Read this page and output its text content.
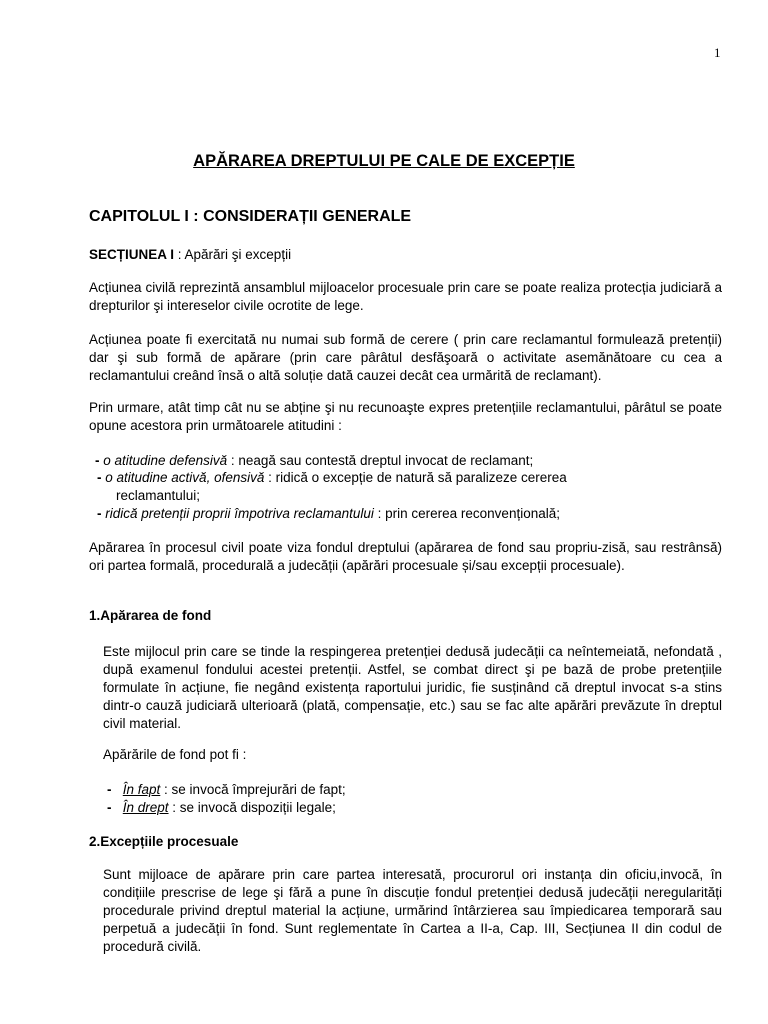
1
APĂRAREA DREPTULUI PE CALE DE EXCEPȚIE
CAPITOLUL I : CONSIDERAȚII GENERALE
SECȚIUNEA I : Apărări şi excepții

Acțiunea civilă reprezintă ansamblul mijloacelor procesuale prin care se poate realiza protecția judiciară a drepturilor şi intereselor civile ocrotite de lege.

Acțiunea poate fi exercitată nu numai sub formă de cerere ( prin care reclamantul formulează pretenții) dar şi sub formă de apărare (prin care pârâtul desfăşoară o activitate asemănătoare cu cea a reclamantului creând însă o altă soluție dată cauzei decât cea urmărită de reclamant).

Prin urmare, atât timp cât nu se abține şi nu recunoaşte expres pretențiile reclamantului, pârâtul se poate opune acestora prin următoarele atitudini :

- o atitudine defensivă : neagă sau contestă dreptul invocat de reclamant;
- o atitudine activă, ofensivă : ridică o excepție de natură să paralizeze cererea
reclamantului;
- ridică pretenții proprii împotriva reclamantului : prin cererea reconvențională;

Apărarea în procesul civil poate viza fondul dreptului (apărarea de fond sau propriu-zisă, sau restrânsă) ori partea formală, procedurală a judecății (apărări procesuale și/sau excepții procesuale).

1.Apărarea de fond

Este mijlocul prin care se tinde la respingerea pretenției dedusă judecății ca neîntemeiată, nefondată , după examenul fondului acestei pretenții. Astfel, se combat direct şi pe bază de probe pretențiile formulate în acțiune, fie negând existența raportului juridic, fie susținând că dreptul invocat s-a stins dintr-o cauză judiciară ulterioară (plată, compensație, etc.) sau se fac alte apărări prevăzute în dreptul civil material.

Apărările de fond pot fi :

- În fapt : se invocă împrejurări de fapt;
- În drept : se invocă dispoziții legale;
2.Excepțiile procesuale

Sunt mijloace de apărare prin care partea interesată, procurorul ori instanța din oficiu,invocă, în condițiile prescrise de lege şi fără a pune în discuție fondul pretenției dedusă judecății neregularități procedurale privind dreptul material la acțiune, urmărind întârzierea sau împiedicarea temporară sau perpetuă a judecății în fond. Sunt reglementate în Cartea a II-a, Cap. III, Secțiunea II din codul de procedură civilă.
